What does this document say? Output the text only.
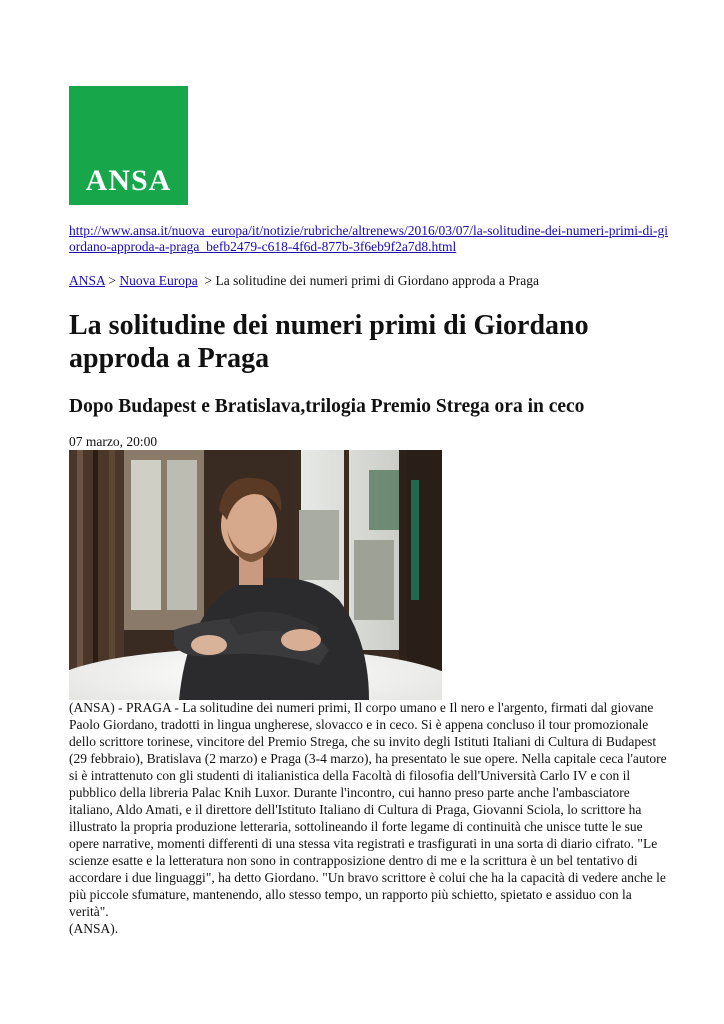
ANSA
http://www.ansa.it/nuova_europa/it/notizie/rubriche/altrenews/2016/03/07/la-solitudine-dei-numeri-primi-di-giordano-approda-a-praga_befb2479-c618-4f6d-877b-3f6eb9f2a7d8.html
ANSA > Nuova Europa  > La solitudine dei numeri primi di Giordano approda a Praga
La solitudine dei numeri primi di Giordano approda a Praga
Dopo Budapest e Bratislava,trilogia Premio Strega ora in ceco
07 marzo, 20:00
(ANSA) - PRAGA - La solitudine dei numeri primi, Il corpo umano e Il nero e l'argento, firmati dal giovane Paolo Giordano, tradotti in lingua ungherese, slovacco e in ceco. Si è appena concluso il tour promozionale dello scrittore torinese, vincitore del Premio Strega, che su invito degli Istituti Italiani di Cultura di Budapest (29 febbraio), Bratislava (2 marzo) e Praga (3-4 marzo), ha presentato le sue opere. Nella capitale ceca l'autore si è intrattenuto con gli studenti di italianistica della Facoltà di filosofia dell'Università Carlo IV e con il pubblico della libreria Palac Knih Luxor. Durante l'incontro, cui hanno preso parte anche l'ambasciatore italiano, Aldo Amati, e il direttore dell'Istituto Italiano di Cultura di Praga, Giovanni Sciola, lo scrittore ha illustrato la propria produzione letteraria, sottolineando il forte legame di continuità che unisce tutte le sue opere narrative, momenti differenti di una stessa vita registrati e trasfigurati in una sorta di diario cifrato. "Le scienze esatte e la letteratura non sono in contrapposizione dentro di me e la scrittura è un bel tentativo di accordare i due linguaggi", ha detto Giordano. "Un bravo scrittore è colui che ha la capacità di vedere anche le più piccole sfumature, mantenendo, allo stesso tempo, un rapporto più schietto, spietato e assiduo con la verità".
(ANSA).
